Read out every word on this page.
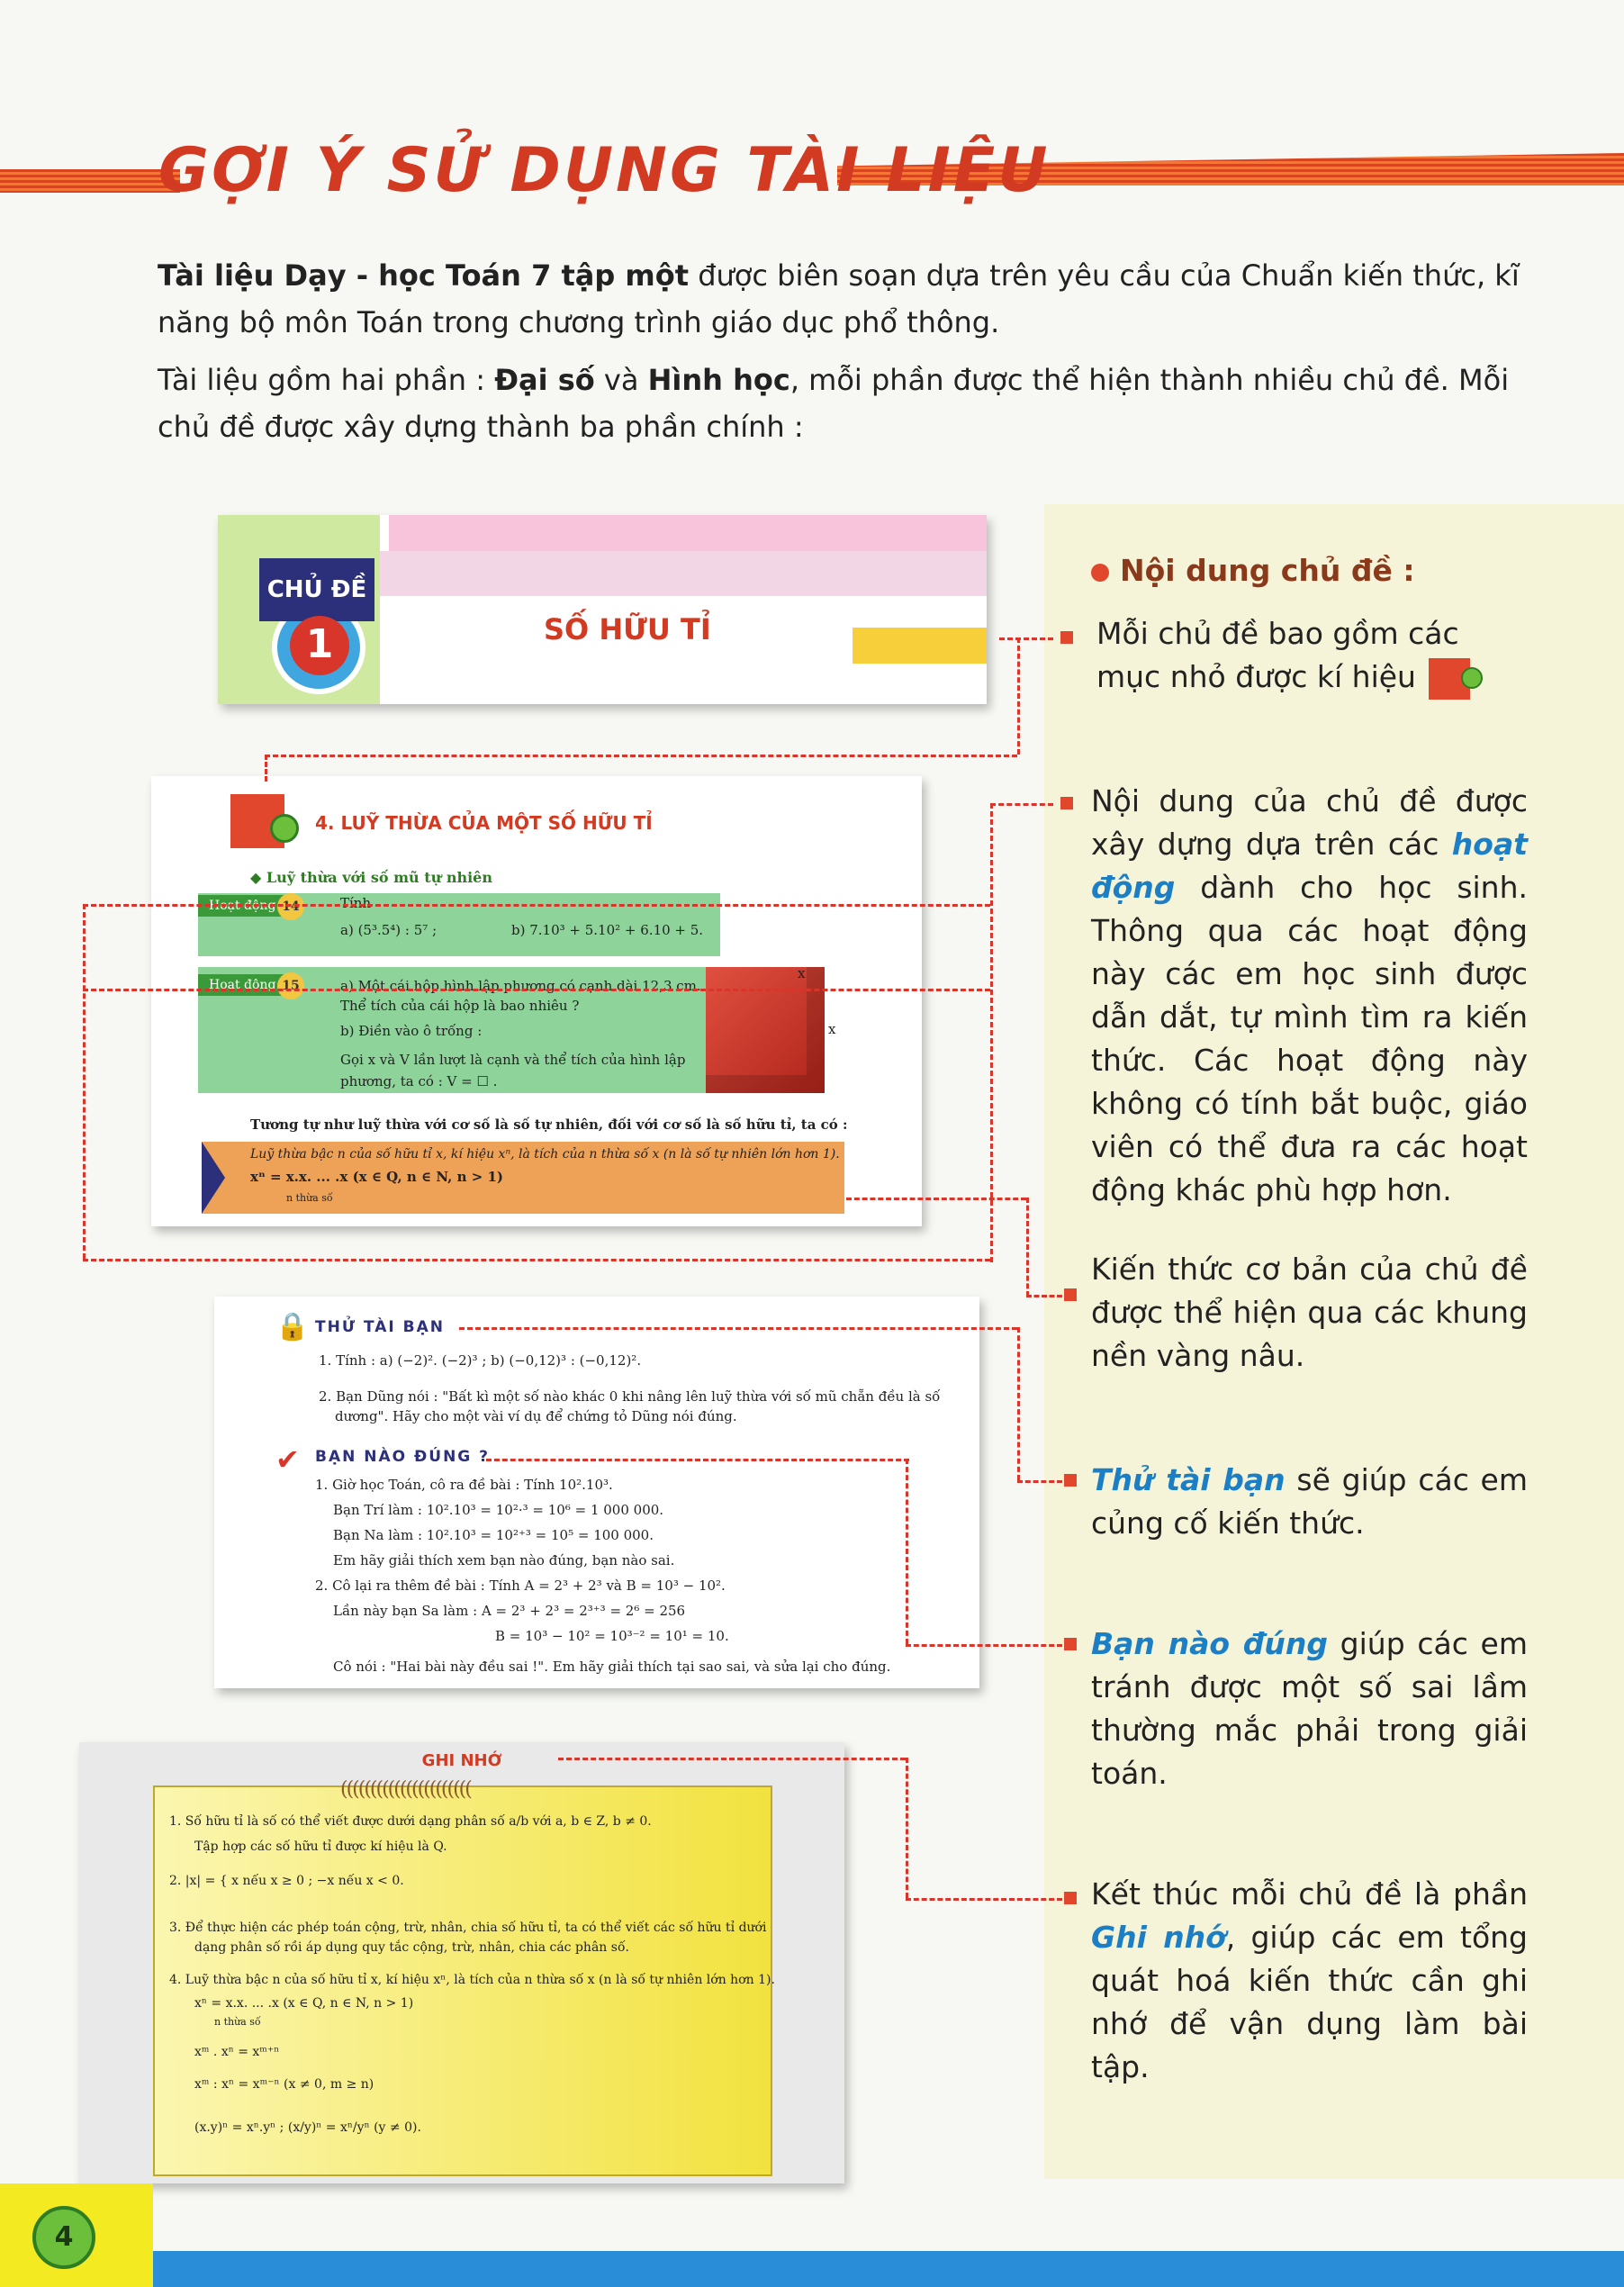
GỢI Ý SỬ DỤNG TÀI LIỆU
Tài liệu Dạy - học Toán 7 tập một được biên soạn dựa trên yêu cầu của Chuẩn kiến thức, kĩ năng bộ môn Toán trong chương trình giáo dục phổ thông.
Tài liệu gồm hai phần : Đại số và Hình học, mỗi phần được thể hiện thành nhiều chủ đề. Mỗi chủ đề được xây dựng thành ba phần chính :
CHỦ ĐỀ
1	SỐ HỮU TỈ
4. LUỸ THỪA CỦA MỘT SỐ HỮU TỈ
◆ Luỹ thừa với số mũ tự nhiên
Hoạt động 14	Tính
a) (5³.5⁴) : 5⁷ ;	b) 7.10³ + 5.10² + 6.10 + 5.
Hoạt động 15	a) Một cái hộp hình lập phương có cạnh dài 12,3 cm.
Thể tích của cái hộp là bao nhiêu ?
b) Điền vào ô trống :
Gọi x và V lần lượt là cạnh và thể tích của hình lập
phương, ta có : V = ☐ .
x
x
Tương tự như luỹ thừa với cơ số là số tự nhiên, đối với cơ số là số hữu tỉ, ta có :
Luỹ thừa bậc n của số hữu tỉ x, kí hiệu xⁿ, là tích của n thừa số x (n là số tự nhiên lớn hơn 1).
xⁿ = x.x. ... .x (x ∈ Q, n ∈ N, n > 1)
n thừa số
🔒 THỬ TÀI BẠN
1. Tính : a) (−2)². (−2)³ ; b) (−0,12)³ : (−0,12)².
2. Bạn Dũng nói : "Bất kì một số nào khác 0 khi nâng lên luỹ thừa với số mũ chẵn đều là số
dương". Hãy cho một vài ví dụ để chứng tỏ Dũng nói đúng.
✔ BẠN NÀO ĐÚNG ?
1. Giờ học Toán, cô ra đề bài : Tính 10².10³.
Bạn Trí làm : 10².10³ = 10²·³ = 10⁶ = 1 000 000.
Bạn Na làm : 10².10³ = 10²⁺³ = 10⁵ = 100 000.
Em hãy giải thích xem bạn nào đúng, bạn nào sai.
2. Cô lại ra thêm đề bài : Tính A = 2³ + 2³ và B = 10³ − 10².
Lần này bạn Sa làm : A = 2³ + 2³ = 2³⁺³ = 2⁶ = 256
B = 10³ − 10² = 10³⁻² = 10¹ = 10.
Cô nói : "Hai bài này đều sai !". Em hãy giải thích tại sao sai, và sửa lại cho đúng.
GHI NHỚ
((((((((((((((((((((((
1. Số hữu tỉ là số có thể viết được dưới dạng phân số a/b với a, b ∈ Z, b ≠ 0.
Tập hợp các số hữu tỉ được kí hiệu là Q.
2. |x| = { x nếu x ≥ 0 ; −x nếu x < 0.
3. Để thực hiện các phép toán cộng, trừ, nhân, chia số hữu tỉ, ta có thể viết các số hữu tỉ dưới
dạng phân số rồi áp dụng quy tắc cộng, trừ, nhân, chia các phân số.
4. Luỹ thừa bậc n của số hữu tỉ x, kí hiệu xⁿ, là tích của n thừa số x (n là số tự nhiên lớn hơn 1).
xⁿ = x.x. ... .x (x ∈ Q, n ∈ N, n > 1)
n thừa số
xᵐ . xⁿ = xᵐ⁺ⁿ
xᵐ : xⁿ = xᵐ⁻ⁿ (x ≠ 0, m ≥ n)
(x.y)ⁿ = xⁿ.yⁿ ; (x/y)ⁿ = xⁿ/yⁿ (y ≠ 0).
Nội dung chủ đề :
Mỗi chủ đề bao gồm các mục nhỏ được kí hiệu
Nội dung của chủ đề được xây dựng dựa trên các hoạt động dành cho học sinh. Thông qua các hoạt động này các em học sinh được dẫn dắt, tự mình tìm ra kiến thức. Các hoạt động này không có tính bắt buộc, giáo viên có thể đưa ra các hoạt động khác phù hợp hơn.
Kiến thức cơ bản của chủ đề được thể hiện qua các khung nền vàng nâu.
Thử tài bạn sẽ giúp các em củng cố kiến thức.
Bạn nào đúng giúp các em tránh được một số sai lầm thường mắc phải trong giải toán.
Kết thúc mỗi chủ đề là phần Ghi nhớ, giúp các em tổng quát hoá kiến thức cần ghi nhớ để vận dụng làm bài tập.
4
